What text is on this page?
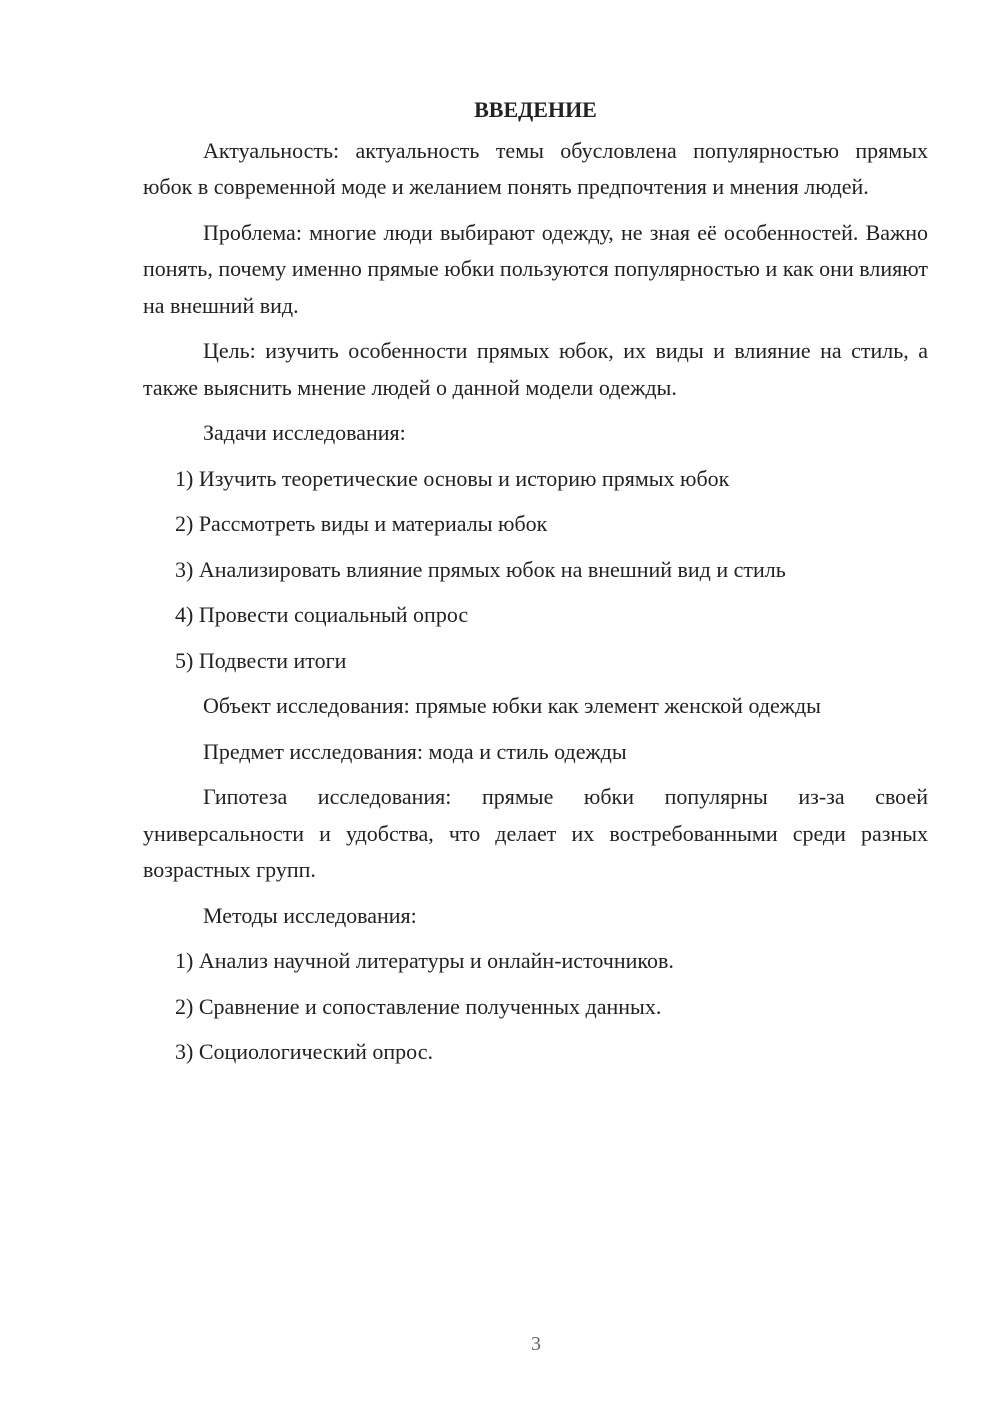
ВВЕДЕНИЕ

Актуальность: актуальность темы обусловлена популярностью прямых юбок в современной моде и желанием понять предпочтения и мнения людей.

Проблема: многие люди выбирают одежду, не зная её особенностей. Важно понять, почему именно прямые юбки пользуются популярностью и как они влияют на внешний вид.

Цель: изучить особенности прямых юбок, их виды и влияние на стиль, а также выяснить мнение людей о данной модели одежды.

Задачи исследования:

1) Изучить теоретические основы и историю прямых юбок

2) Рассмотреть виды и материалы юбок

3) Анализировать влияние прямых юбок на внешний вид и стиль

4) Провести социальный опрос

5) Подвести итоги

Объект исследования: прямые юбки как элемент женской одежды

Предмет исследования: мода и стиль одежды

Гипотеза исследования: прямые юбки популярны из-за своей универсальности и удобства, что делает их востребованными среди разных возрастных групп.

Методы исследования:

1) Анализ научной литературы и онлайн-источников.

2) Сравнение и сопоставление полученных данных.

3) Социологический опрос.

3
